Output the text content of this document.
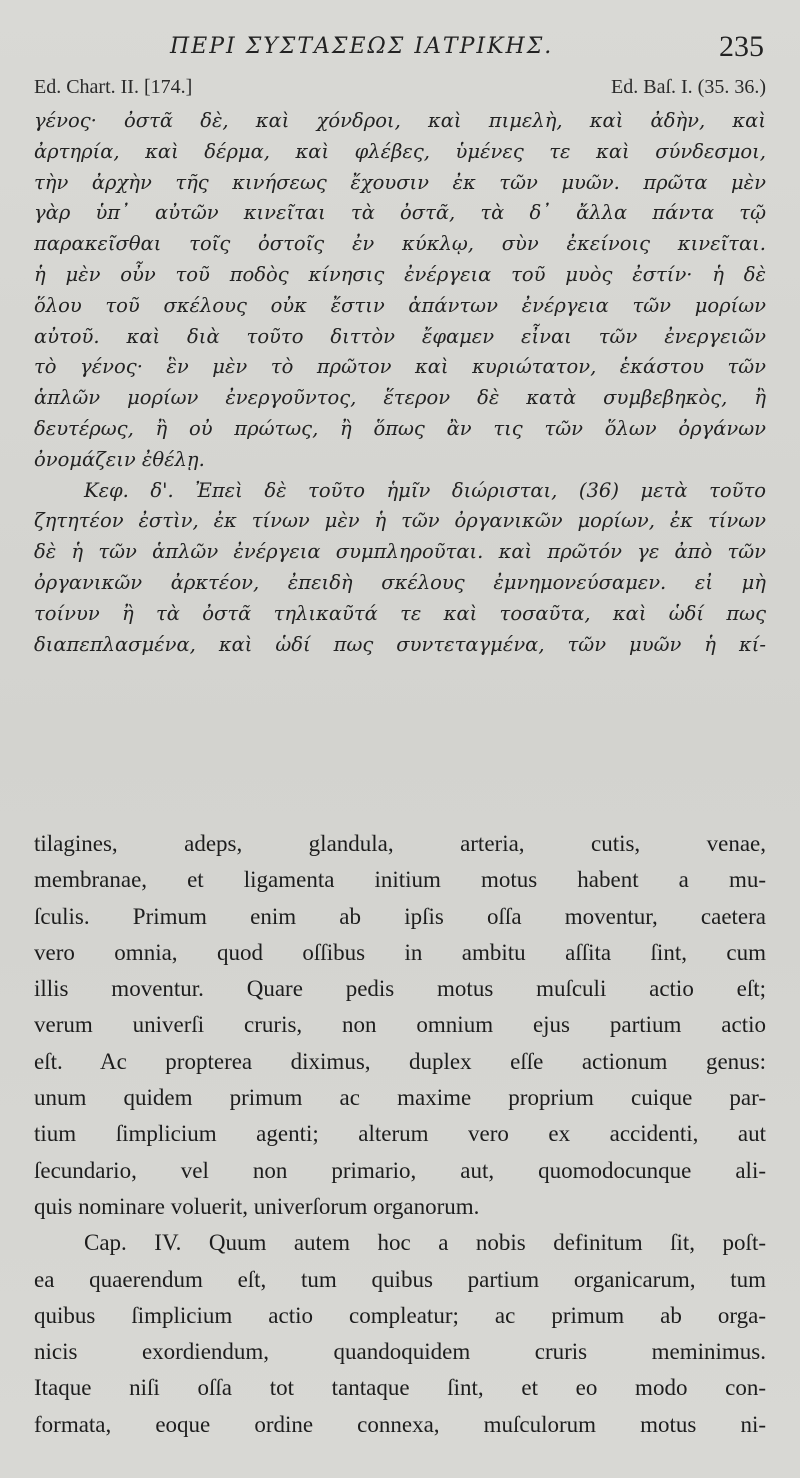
ΠΕΡΙ ΣΥΣΤΑΣΕΩΣ ΙΑΤΡΙΚΗΣ.	235
Ed. Chart. II. [174.]	Ed. Baſ. I. (35. 36.)
γένος· ὀστᾶ δὲ, καὶ χόνδροι, καὶ πιμελὴ, καὶ ἀδὴν, καὶ
ἀρτηρία, καὶ δέρμα, καὶ φλέβες, ὑμένες τε καὶ σύνδεσμοι,
τὴν ἀρχὴν τῆς κινήσεως ἔχουσιν ἐκ τῶν μυῶν. πρῶτα μὲν
γὰρ ὑπ᾿ αὐτῶν κινεῖται τὰ ὀστᾶ, τὰ δ᾿ ἄλλα πάντα τῷ
παρακεῖσθαι τοῖς ὀστοῖς ἐν κύκλῳ, σὺν ἐκείνοις κινεῖται.
ἡ μὲν οὖν τοῦ ποδὸς κίνησις ἐνέργεια τοῦ μυὸς ἐστίν· ἡ δὲ
ὅλου τοῦ σκέλους οὐκ ἔστιν ἁπάντων ἐνέργεια τῶν μορίων
αὐτοῦ. καὶ διὰ τοῦτο διττὸν ἔφαμεν εἶναι τῶν ἐνεργειῶν
τὸ γένος· ἓν μὲν τὸ πρῶτον καὶ κυριώτατον, ἑκάστου τῶν
ἁπλῶν μορίων ἐνεργοῦντος, ἕτερον δὲ κατὰ συμβεβηκὸς, ἢ
δευτέρως, ἢ οὐ πρώτως, ἢ ὅπως ἂν τις τῶν ὅλων ὀργάνων
ὀνομάζειν ἐθέλῃ.
Κεφ. δ'. Ἐπεὶ δὲ τοῦτο ἡμῖν διώρισται, (36) μετὰ τοῦτο
ζητητέον ἐστὶν, ἐκ τίνων μὲν ἡ τῶν ὀργανικῶν μορίων, ἐκ τίνων
δὲ ἡ τῶν ἁπλῶν ἐνέργεια συμπληροῦται. καὶ πρῶτόν γε ἀπὸ τῶν
ὀργανικῶν ἀρκτέον, ἐπειδὴ σκέλους ἐμνημονεύσαμεν. εἰ μὴ
τοίνυν ἢ τὰ ὀστᾶ τηλικαῦτά τε καὶ τοσαῦτα, καὶ ὡδί πως
διαπεπλασμένα, καὶ ὡδί πως συντεταγμένα, τῶν μυῶν ἡ κί-
tilagines, adeps, glandula, arteria, cutis, venae,
membranae, et ligamenta initium motus habent a mu-
ſculis. Primum enim ab ipſis oſſa moventur, caetera
vero omnia, quod oſſibus in ambitu aſſita ſint, cum
illis moventur. Quare pedis motus muſculi actio eſt;
verum univerſi cruris, non omnium ejus partium actio
eſt. Ac propterea diximus, duplex eſſe actionum genus:
unum quidem primum ac maxime proprium cuique par-
tium ſimplicium agenti; alterum vero ex accidenti, aut
ſecundario, vel non primario, aut, quomodocunque ali-
quis nominare voluerit, univerſorum organorum.
Cap. IV. Quum autem hoc a nobis definitum ſit, poſt-
ea quaerendum eſt, tum quibus partium organicarum, tum
quibus ſimplicium actio compleatur; ac primum ab orga-
nicis exordiendum, quandoquidem cruris meminimus.
Itaque niſi oſſa tot tantaque ſint, et eo modo con-
formata, eoque ordine connexa, muſculorum motus ni-
